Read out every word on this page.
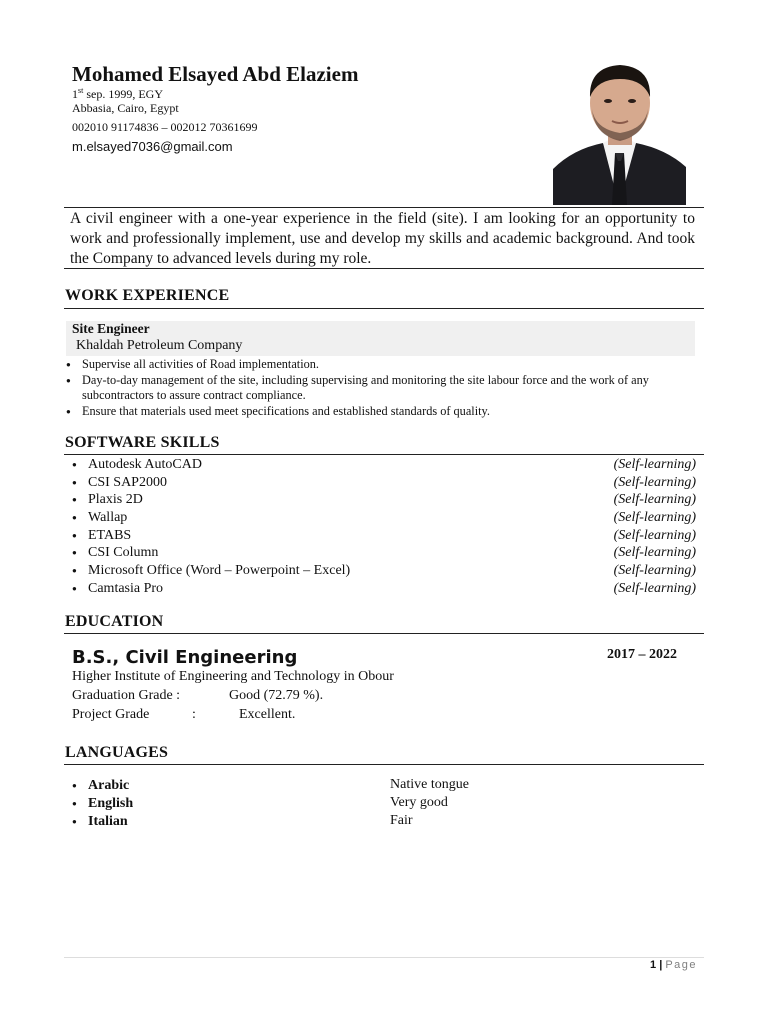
Mohamed Elsayed Abd Elaziem
1st sep. 1999, EGY
Abbasia, Cairo, Egypt
002010 91174836 – 002012 70361699
m.elsayed7036@gmail.com
A civil engineer with a one-year experience in the field (site). I am looking for an opportunity to work and professionally implement, use and develop my skills and academic background. And took the Company to advanced levels during my role.
WORK EXPERIENCE
Site Engineer
Khaldah Petroleum Company
● Supervise all activities of Road implementation.
● Day-to-day management of the site, including supervising and monitoring the site labour force and the work of any subcontractors to assure contract compliance.
● Ensure that materials used meet specifications and established standards of quality.
SOFTWARE SKILLS
● Autodesk AutoCAD	(Self-learning)
● CSI SAP2000	(Self-learning)
● Plaxis 2D	(Self-learning)
● Wallap	(Self-learning)
● ETABS	(Self-learning)
● CSI Column	(Self-learning)
● Microsoft Office (Word – Powerpoint – Excel)	(Self-learning)
● Camtasia Pro	(Self-learning)
EDUCATION
B.S., Civil Engineering	2017 – 2022
Higher Institute of Engineering and Technology in Obour
Graduation Grade :	Good (72.79 %).
Project Grade	:	Excellent.
LANGUAGES
● Arabic	Native tongue
● English	Very good
● Italian	Fair
1 | Page
